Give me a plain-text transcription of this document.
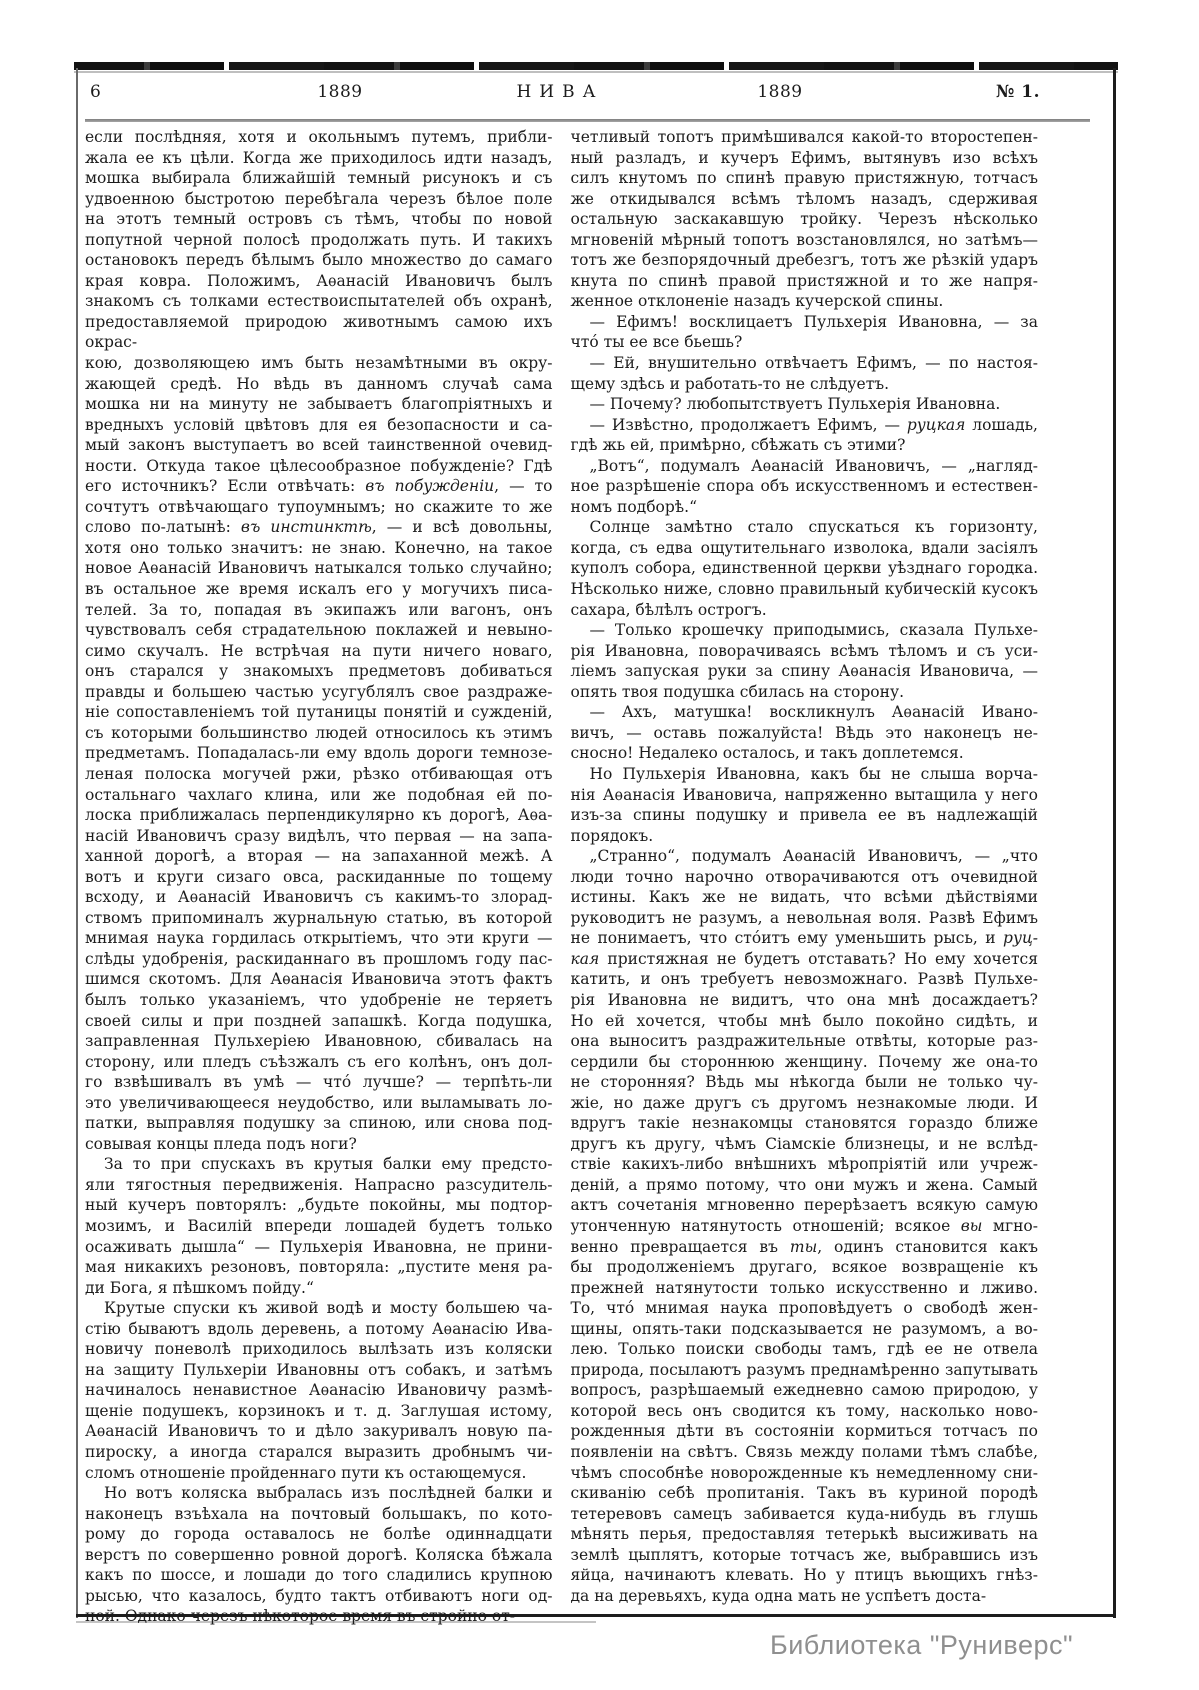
6	1889	НИВА	1889	№ 1.
если послѣдняя, хотя и окольнымъ путемъ, прибли-
жала ее къ цѣли. Когда же приходилось идти назадъ,
мошка выбирала ближайшій темный рисунокъ и съ
удвоенною быстротою перебѣгала черезъ бѣлое поле
на этотъ темный островъ съ тѣмъ, чтобы по новой
попутной черной полосѣ продолжать путь. И такихъ
остановокъ передъ бѣлымъ было множество до самаго
края ковра. Положимъ, Аѳанасій Ивановичъ былъ
знакомъ съ толками естествоиспытателей объ охранѣ,
предоставляемой природою животнымъ самою ихъ окрас-
кою, дозволяющею имъ быть незамѣтными въ окру-
жающей средѣ. Но вѣдь въ данномъ случаѣ сама
мошка ни на минуту не забываетъ благопріятныхъ и
вредныхъ условій цвѣтовъ для ея безопасности и са-
мый законъ выступаетъ во всей таинственной очевид-
ности. Откуда такое цѣлесообразное побужденіе? Гдѣ
его источникъ? Если отвѣчать: въ побужденіи, — то
сочтутъ отвѣчающаго тупоумнымъ; но скажите то же
слово по-латынѣ: въ инстинктѣ, — и всѣ довольны,
хотя оно только значитъ: не знаю. Конечно, на такое
новое Аѳанасій Ивановичъ натыкался только случайно;
въ остальное же время искалъ его у могучихъ писа-
телей. За то, попадая въ экипажъ или вагонъ, онъ
чувствовалъ себя страдательною поклажей и невыно-
симо скучалъ. Не встрѣчая на пути ничего новаго,
онъ старался у знакомыхъ предметовъ добиваться
правды и большею частью усугублялъ свое раздраже-
ніе сопоставленіемъ той путаницы понятій и сужденій,
съ которыми большинство людей относилось къ этимъ
предметамъ. Попадалась-ли ему вдоль дороги темнозе-
леная полоска могучей ржи, рѣзко отбивающая отъ
остальнаго чахлаго клина, или же подобная ей по-
лоска приближалась перпендикулярно къ дорогѣ, Аѳа-
насій Ивановичъ сразу видѣлъ, что первая — на запа-
ханной дорогѣ, а вторая — на запаханной межѣ. А
вотъ и круги сизаго овса, раскиданные по тощему
всходу, и Аѳанасій Ивановичъ съ какимъ-то злорад-
ствомъ припоминалъ журнальную статью, въ которой
мнимая наука гордилась открытіемъ, что эти круги —
слѣды удобренія, раскиданнаго въ прошломъ году пас-
шимся скотомъ. Для Аѳанасія Ивановича этотъ фактъ
былъ только указаніемъ, что удобреніе не теряетъ
своей силы и при поздней запашкѣ. Когда подушка,
заправленная Пульхеріею Ивановною, сбивалась на
сторону, или пледъ съѣзжалъ съ его колѣнъ, онъ дол-
го взвѣшивалъ въ умѣ — что́ лучше? — терпѣть-ли
это увеличивающееся неудобство, или выламывать ло-
патки, выправляя подушку за спиною, или снова под-
совывая концы пледа подъ ноги?
За то при спускахъ въ крутыя балки ему предсто-
яли тягостныя передвиженія. Напрасно разсудитель-
ный кучеръ повторялъ: „будьте покойны, мы подтор-
мозимъ, и Василій впереди лошадей будетъ только
осаживать дышла“ — Пульхерія Ивановна, не прини-
мая никакихъ резоновъ, повторяла: „пустите меня ра-
ди Бога, я пѣшкомъ пойду.“
Крутые спуски къ живой водѣ и мосту большею ча-
стію бываютъ вдоль деревень, а потому Аѳанасію Ива-
новичу поневолѣ приходилось вылѣзать изъ коляски
на защиту Пульхеріи Ивановны отъ собакъ, и затѣмъ
начиналось ненавистное Аѳанасію Ивановичу размѣ-
щеніе подушекъ, корзинокъ и т. д. Заглушая истому,
Аѳанасій Ивановичъ то и дѣло закуривалъ новую па-
пироску, а иногда старался выразить дробнымъ чи-
сломъ отношеніе пройденнаго пути къ остающемуся.
Но вотъ коляска выбралась изъ послѣдней балки и
наконецъ взъѣхала на почтовый большакъ, по кото-
рому до города оставалось не болѣе одиннадцати
верстъ по совершенно ровной дорогѣ. Коляска бѣжала
какъ по шоссе, и лошади до того сладились крупною
рысью, что казалось, будто тактъ отбиваютъ ноги од-
ной. Однако черезъ нѣкоторое время въ стройно от-
четливый топотъ примѣшивался какой-то второстепен-
ный разладъ, и кучеръ Ефимъ, вытянувъ изо всѣхъ
силъ кнутомъ по спинѣ правую пристяжную, тотчасъ
же откидывался всѣмъ тѣломъ назадъ, сдерживая
остальную заскакавшую тройку. Черезъ нѣсколько
мгновеній мѣрный топотъ возстановлялся, но затѣмъ—
тотъ же безпорядочный дребезгъ, тотъ же рѣзкій ударъ
кнута по спинѣ правой пристяжной и то же напря-
женное отклоненіе назадъ кучерской спины.
— Ефимъ! восклицаетъ Пульхерія Ивановна, — за
что́ ты ее все бьешь?
— Ей, внушительно отвѣчаетъ Ефимъ, — по настоя-
щему здѣсь и работать-то не слѣдуетъ.
— Почему? любопытствуетъ Пульхерія Ивановна.
— Извѣстно, продолжаетъ Ефимъ, — руцкая лошадь,
гдѣ жь ей, примѣрно, сбѣжать съ этими?
„Вотъ“, подумалъ Аѳанасій Ивановичъ, — „нагляд-
ное разрѣшеніе спора объ искусственномъ и естествен-
номъ подборѣ.“
Солнце замѣтно стало спускаться къ горизонту,
когда, съ едва ощутительнаго изволока, вдали засіялъ
куполъ собора, единственной церкви уѣзднаго городка.
Нѣсколько ниже, словно правильный кубическій кусокъ
сахара, бѣлѣлъ острогъ.
— Только крошечку приподымись, сказала Пульхе-
рія Ивановна, поворачиваясь всѣмъ тѣломъ и съ уси-
ліемъ запуская руки за спину Аѳанасія Ивановича, —
опять твоя подушка сбилась на сторону.
— Ахъ, матушка! воскликнулъ Аѳанасій Ивано-
вичъ, — оставь пожалуйста! Вѣдь это наконецъ не-
сносно! Недалеко осталось, и такъ доплетемся.
Но Пульхерія Ивановна, какъ бы не слыша ворча-
нія Аѳанасія Ивановича, напряженно вытащила у него
изъ-за спины подушку и привела ее въ надлежащій
порядокъ.
„Странно“, подумалъ Аѳанасій Ивановичъ, — „что
люди точно нарочно отворачиваются отъ очевидной
истины. Какъ же не видать, что всѣми дѣйствіями
руководитъ не разумъ, а невольная воля. Развѣ Ефимъ
не понимаетъ, что сто́итъ ему уменьшить рысь, и руц-
кая пристяжная не будетъ отставать? Но ему хочется
катить, и онъ требуетъ невозможнаго. Развѣ Пульхе-
рія Ивановна не видитъ, что она мнѣ досаждаетъ?
Но ей хочется, чтобы мнѣ было покойно сидѣть, и
она выноситъ раздражительные отвѣты, которые раз-
сердили бы стороннюю женщину. Почему же она-то
не сторонняя? Вѣдь мы нѣкогда были не только чу-
жіе, но даже другъ съ другомъ незнакомые люди. И
вдругъ такіе незнакомцы становятся гораздо ближе
другъ къ другу, чѣмъ Сіамскіе близнецы, и не вслѣд-
ствіе какихъ-либо внѣшнихъ мѣропріятій или учреж-
деній, а прямо потому, что они мужъ и жена. Самый
актъ сочетанія мгновенно перерѣзаетъ всякую самую
утонченную натянутость отношеній; всякое вы мгно-
венно превращается въ ты, одинъ становится какъ
бы продолженіемъ другаго, всякое возвращеніе къ
прежней натянутости только искусственно и лживо.
То, что́ мнимая наука проповѣдуетъ о свободѣ жен-
щины, опять-таки подсказывается не разумомъ, а во-
лею. Только поиски свободы тамъ, гдѣ ее не отвела
природа, посылаютъ разумъ преднамѣренно запутывать
вопросъ, разрѣшаемый ежедневно самою природою, у
которой весь онъ сводится къ тому, насколько ново-
рожденныя дѣти въ состояніи кормиться тотчасъ по
появленіи на свѣтъ. Связь между полами тѣмъ слабѣе,
чѣмъ способнѣе новорожденные къ немедленному сни-
скиванію себѣ пропитанія. Такъ въ куриной породѣ
тетеревовъ самецъ забивается куда-нибудь въ глушь
мѣнять перья, предоставляя тетерькѣ высиживать на
землѣ цыплятъ, которые тотчасъ же, выбравшись изъ
яйца, начинаютъ клевать. Но у птицъ вьющихъ гнѣз-
да на деревьяхъ, куда одна мать не успѣетъ доста-
Библиотека "Руниверс"
